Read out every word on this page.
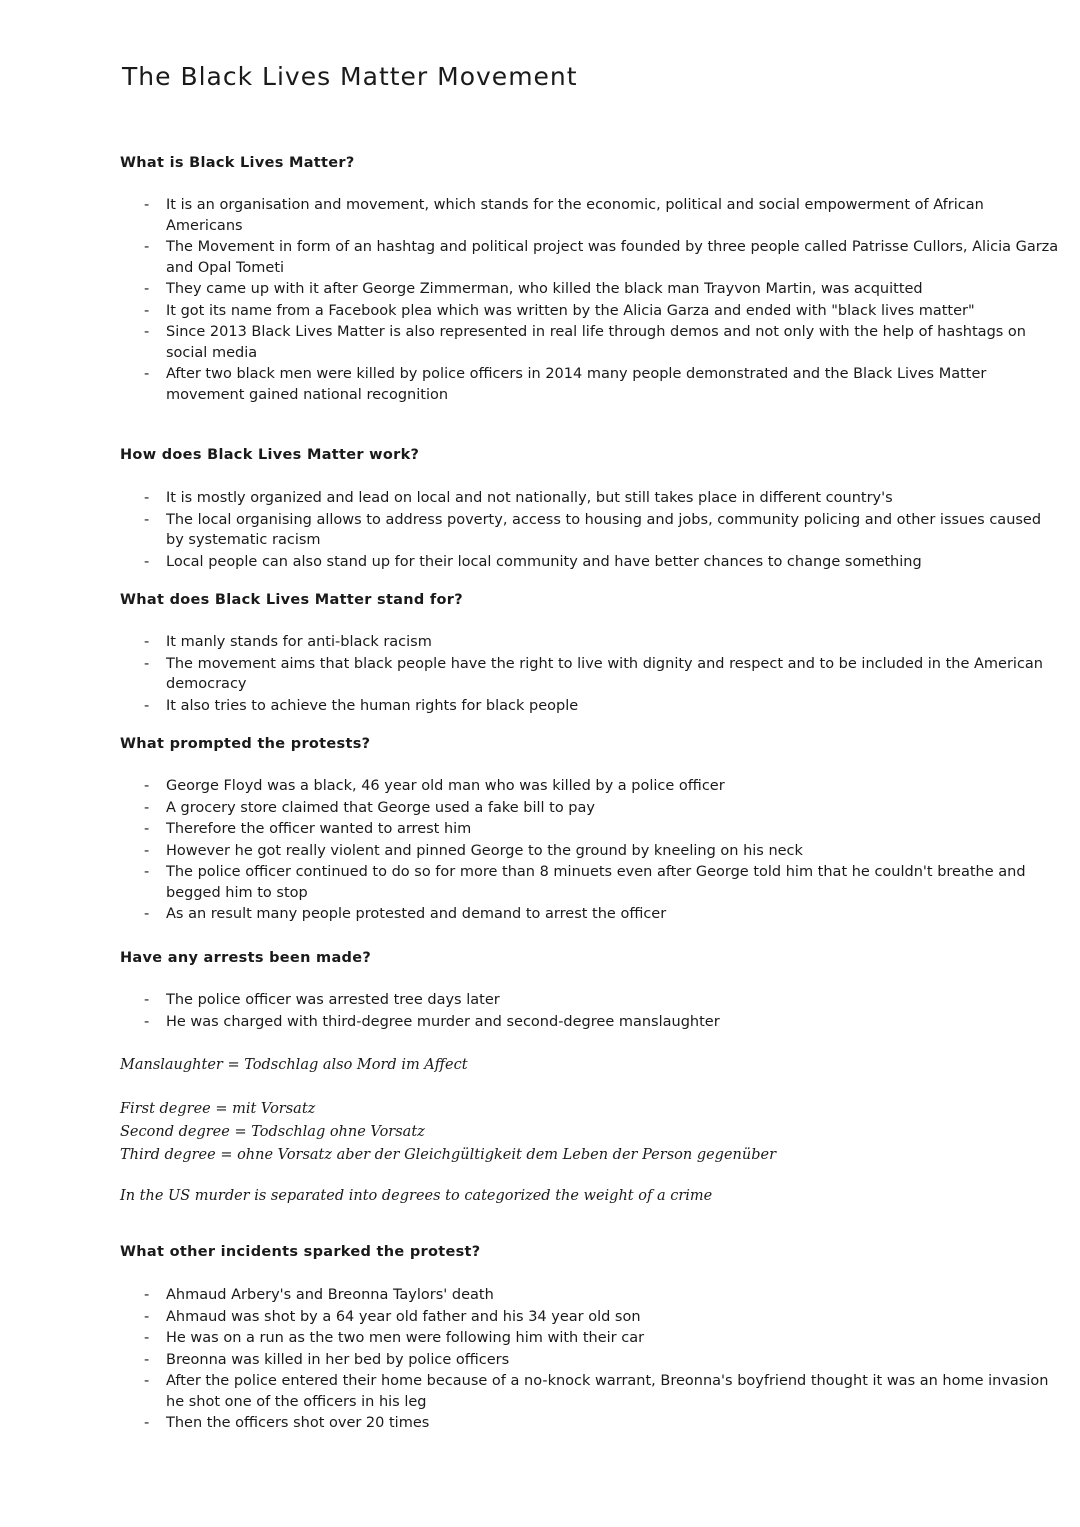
The Black Lives Matter Movement
What is Black Lives Matter?
- It is an organisation and movement, which stands for the economic, political and social empowerment of African Americans
- The Movement in form of an hashtag and political project was founded by three people called Patrisse Cullors, Alicia Garza and Opal Tometi
- They came up with it after George Zimmerman, who killed the black man Trayvon Martin, was acquitted
- It got its name from a Facebook plea which was written by the Alicia Garza and ended with "black lives matter"
- Since 2013 Black Lives Matter is also represented in real life through demos and not only with the help of hashtags on social media
- After two black men were killed by police officers in 2014 many people demonstrated and the Black Lives Matter movement gained national recognition
How does Black Lives Matter work?
- It is mostly organized and lead on local and not nationally, but still takes place in different country's
- The local organising allows to address poverty, access to housing and jobs, community policing and other issues caused by systematic racism
- Local people can also stand up for their local community and have better chances to change something
What does Black Lives Matter stand for?
- It manly stands for anti-black racism
- The movement aims that black people have the right to live with dignity and respect and to be included in the American democracy
- It also tries to achieve the human rights for black people
What prompted the protests?
- George Floyd was a black, 46 year old man who was killed by a police officer
- A grocery store claimed that George used a fake bill to pay
- Therefore the officer wanted to arrest him
- However he got really violent and pinned George to the ground by kneeling on his neck
- The police officer continued to do so for more than 8 minuets even after George told him that he couldn't breathe and begged him to stop
- As an result many people protested and demand to arrest the officer
Have any arrests been made?
- The police officer was arrested tree days later
- He was charged with third-degree murder and second-degree manslaughter

Manslaughter = Todschlag also Mord im Affect

First degree = mit Vorsatz

Second degree = Todschlag ohne Vorsatz

Third degree = ohne Vorsatz aber der Gleichgültigkeit dem Leben der Person gegenüber

In the US murder is separated into degrees to categorized the weight of a crime

What other incidents sparked the protest?
- Ahmaud Arbery's and Breonna Taylors' death
- Ahmaud was shot by a 64 year old father and his 34 year old son
- He was on a run as the two men were following him with their car
- Breonna was killed in her bed by police officers
- After the police entered their home because of a no-knock warrant, Breonna's boyfriend thought it was an home invasion he shot one of the officers in his leg
- Then the officers shot over 20 times
